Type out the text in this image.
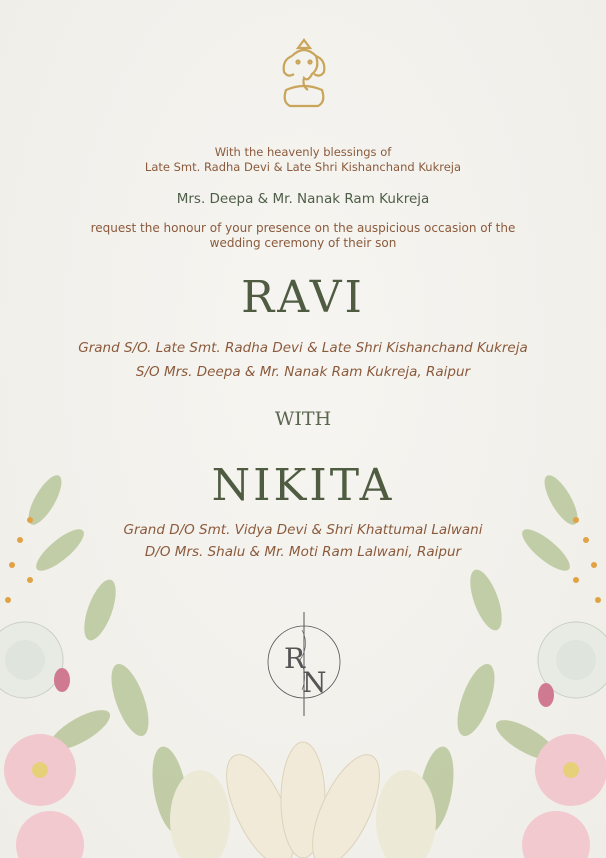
With the heavenly blessings of
Late Smt. Radha Devi & Late Shri Kishanchand Kukreja
Mrs. Deepa & Mr. Nanak Ram Kukreja
request the honour of your presence on the auspicious occasion of the
wedding ceremony of their son
RAVI
Grand S/O. Late Smt. Radha Devi & Late Shri Kishanchand Kukreja
S/O Mrs. Deepa & Mr. Nanak Ram Kukreja, Raipur
WITH
NIKITA
Grand D/O Smt. Vidya Devi & Shri Khattumal Lalwani
D/O Mrs. Shalu & Mr. Moti Ram Lalwani, Raipur
R
N
